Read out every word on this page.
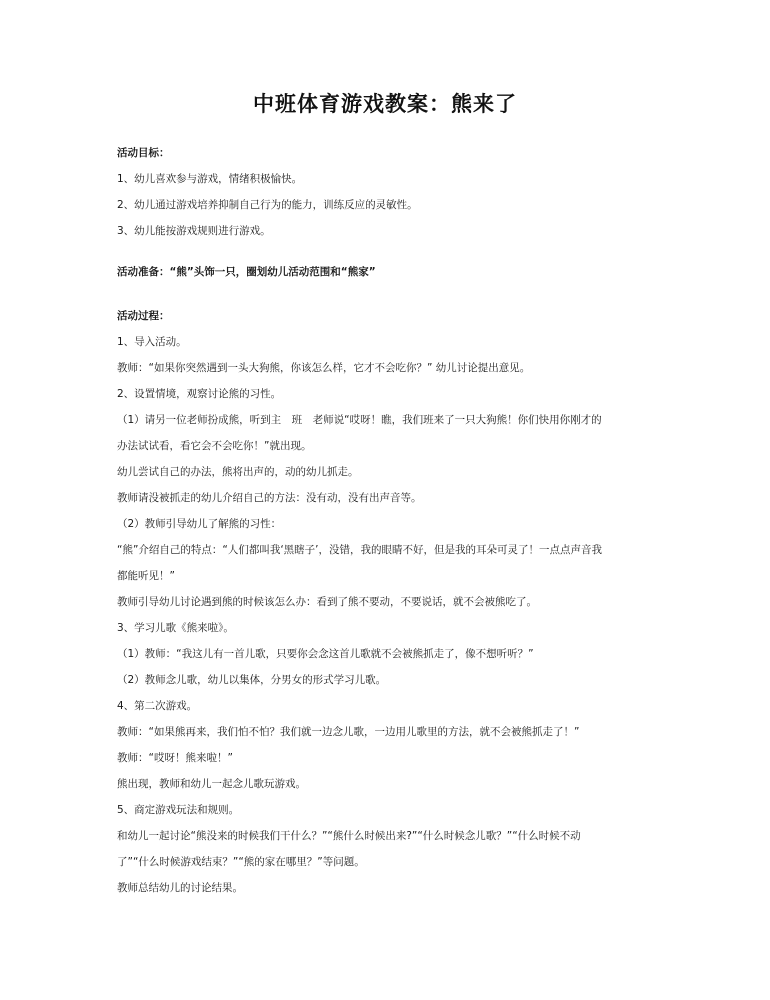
中班体育游戏教案：熊来了
活动目标：
1、幼儿喜欢参与游戏，情绪积极愉快。
2、幼儿通过游戏培养抑制自己行为的能力，训练反应的灵敏性。
3、幼儿能按游戏规则进行游戏。
活动准备：“熊”头饰一只，圈划幼儿活动范围和“熊家”
活动过程：
1、导入活动。
教师：“如果你突然遇到一头大狗熊，你该怎么样，它才不会吃你？” 幼儿讨论提出意见。
2、设置情境，观察讨论熊的习性。
（1）请另一位老师扮成熊，听到主　班　老师说“哎呀！瞧，我们班来了一只大狗熊！你们快用你刚才的
办法试试看，看它会不会吃你！”就出现。
幼儿尝试自己的办法，熊将出声的，动的幼儿抓走。
教师请没被抓走的幼儿介绍自己的方法：没有动，没有出声音等。
（2）教师引导幼儿了解熊的习性：
“熊”介绍自己的特点：“人们都叫我‘黑瞎子’，没错，我的眼睛不好，但是我的耳朵可灵了！一点点声音我
都能听见！”
教师引导幼儿讨论遇到熊的时候该怎么办：看到了熊不要动，不要说话，就不会被熊吃了。
3、学习儿歌《熊来啦》。
（1）教师：“我这儿有一首儿歌，只要你会念这首儿歌就不会被熊抓走了，像不想听听？”
（2）教师念儿歌，幼儿以集体，分男女的形式学习儿歌。
4、第二次游戏。
教师：“如果熊再来，我们怕不怕？我们就一边念儿歌，一边用儿歌里的方法，就不会被熊抓走了！”
教师：“哎呀！熊来啦！”
熊出现，教师和幼儿一起念儿歌玩游戏。
5、商定游戏玩法和规则。
和幼儿一起讨论“熊没来的时候我们干什么？”“熊什么时候出来?”“什么时候念儿歌？”“什么时候不动
了”“什么时候游戏结束？”“熊的家在哪里？”等问题。
教师总结幼儿的讨论结果。
